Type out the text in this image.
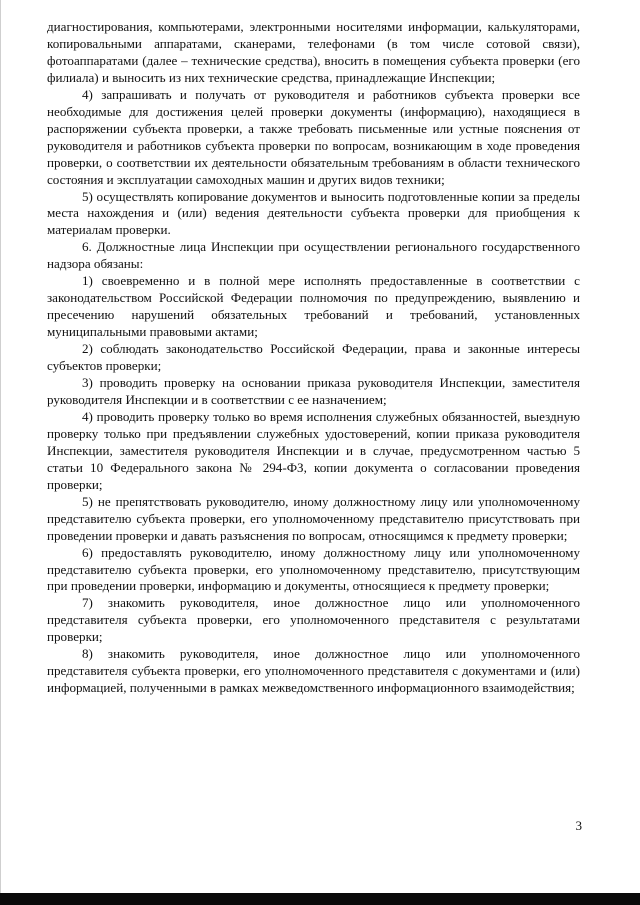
диагностирования, компьютерами, электронными носителями информации, калькуляторами, копировальными аппаратами, сканерами, телефонами (в том числе сотовой связи), фотоаппаратами (далее – технические средства), вносить в помещения субъекта проверки (его филиала) и выносить из них технические средства, принадлежащие Инспекции;

4) запрашивать и получать от руководителя и работников субъекта проверки все необходимые для достижения целей проверки документы (информацию), находящиеся в распоряжении субъекта проверки, а также требовать письменные или устные пояснения от руководителя и работников субъекта проверки по вопросам, возникающим в ходе проведения проверки, о соответствии их деятельности обязательным требованиям в области технического состояния и эксплуатации самоходных машин и других видов техники;

5) осуществлять копирование документов и выносить подготовленные копии за пределы места нахождения и (или) ведения деятельности субъекта проверки для приобщения к материалам проверки.

6. Должностные лица Инспекции при осуществлении регионального государственного надзора обязаны:

1) своевременно и в полной мере исполнять предоставленные в соответствии с законодательством Российской Федерации полномочия по предупреждению, выявлению и пресечению нарушений обязательных требований и требований, установленных муниципальными правовыми актами;

2) соблюдать законодательство Российской Федерации, права и законные интересы субъектов проверки;

3) проводить проверку на основании приказа руководителя Инспекции, заместителя руководителя Инспекции и в соответствии с ее назначением;

4) проводить проверку только во время исполнения служебных обязанностей, выездную проверку только при предъявлении служебных удостоверений, копии приказа руководителя Инспекции, заместителя руководителя Инспекции и в случае, предусмотренном частью 5 статьи 10 Федерального закона № 294-ФЗ, копии документа о согласовании проведения проверки;

5) не препятствовать руководителю, иному должностному лицу или уполномоченному представителю субъекта проверки, его уполномоченному представителю присутствовать при проведении проверки и давать разъяснения по вопросам, относящимся к предмету проверки;

6) предоставлять руководителю, иному должностному лицу или уполномоченному представителю субъекта проверки, его уполномоченному представителю, присутствующим при проведении проверки, информацию и документы, относящиеся к предмету проверки;

7) знакомить руководителя, иное должностное лицо или уполномоченного представителя субъекта проверки, его уполномоченного представителя с результатами проверки;

8) знакомить руководителя, иное должностное лицо или уполномоченного представителя субъекта проверки, его уполномоченного представителя с документами и (или) информацией, полученными в рамках межведомственного информационного взаимодействия;

3
